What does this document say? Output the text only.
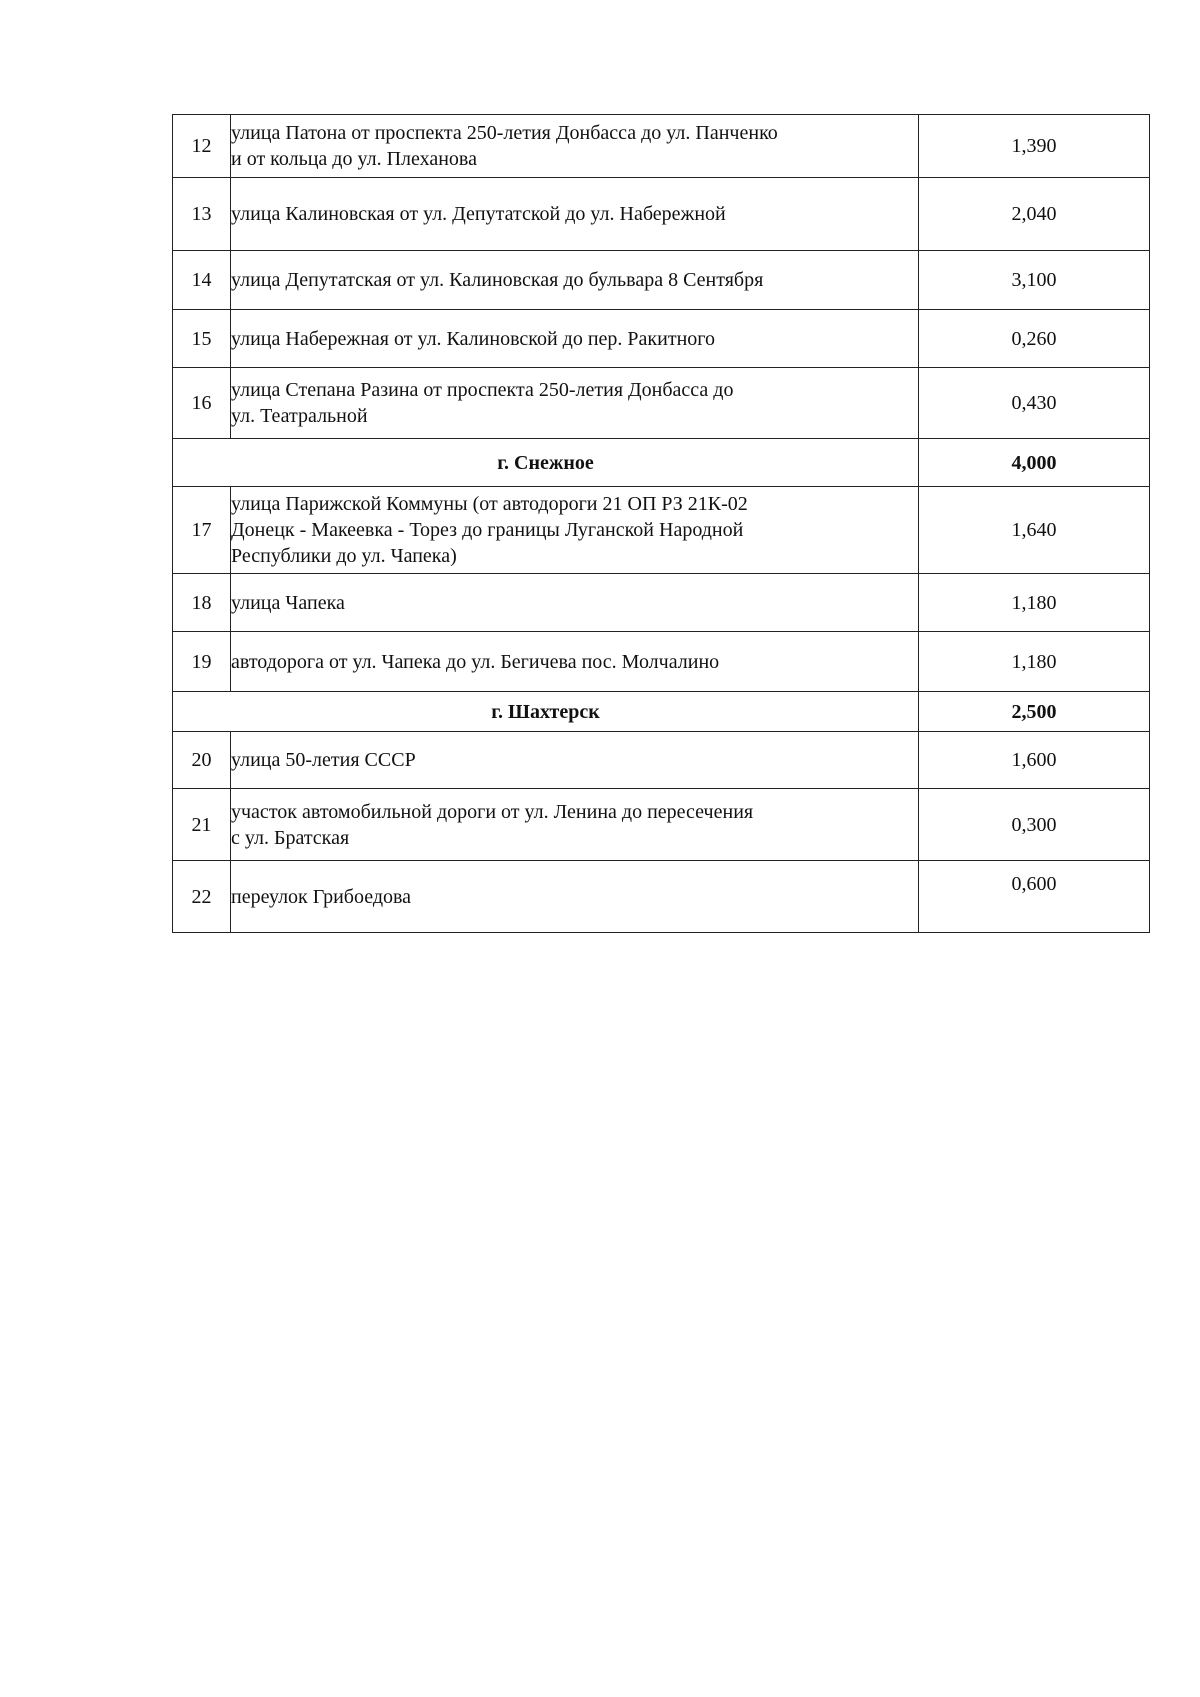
12	улица Патона от проспекта 250-летия Донбасса до ул. Панченко
и от кольца до ул. Плеханова	1,390
13	улица Калиновская от ул. Депутатской до ул. Набережной	2,040
14	улица Депутатская от ул. Калиновская до бульвара 8 Сентября	3,100
15	улица Набережная от ул. Калиновской до пер. Ракитного	0,260
16	улица Степана Разина от проспекта 250-летия Донбасса до
ул. Театральной	0,430
г. Снежное		4,000
17	улица Парижской Коммуны (от автодороги 21 ОП РЗ 21К-02
Донецк - Макеевка - Торез до границы Луганской Народной
Республики до ул. Чапека)	1,640
18	улица Чапека	1,180
19	автодорога от ул. Чапека до ул. Бегичева пос. Молчалино	1,180
г. Шахтерск		2,500
20	улица 50-летия СССР	1,600
21	участок автомобильной дороги от ул. Ленина до пересечения
с ул. Братская	0,300
22	переулок Грибоедова	0,600
